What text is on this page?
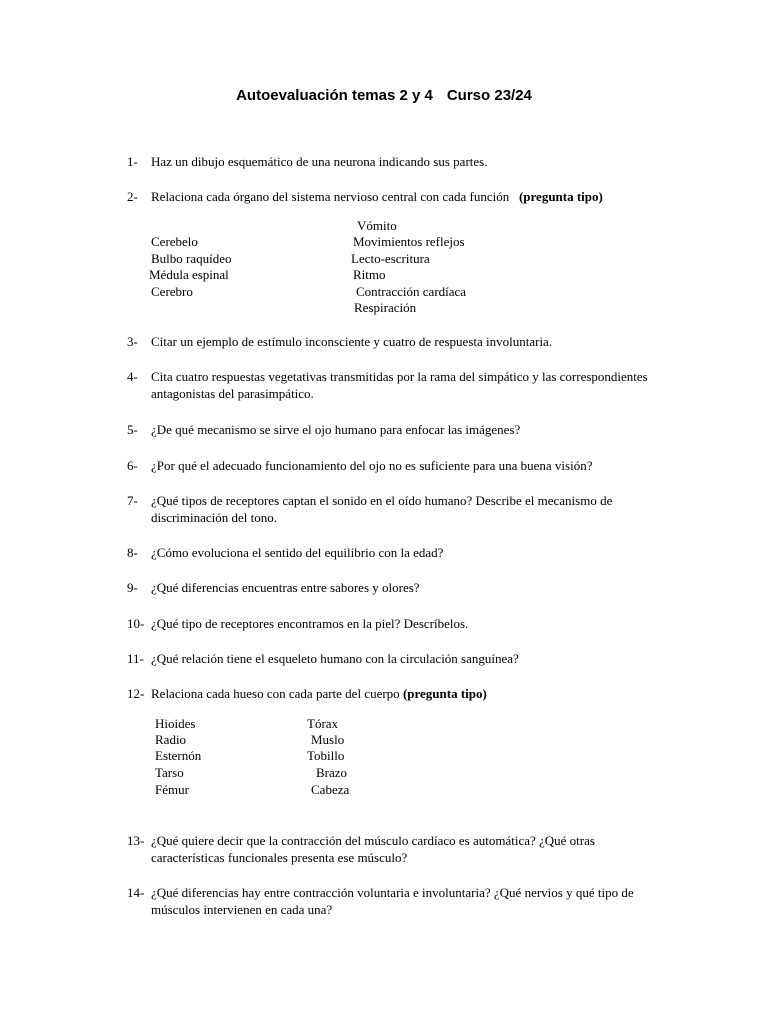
Autoevaluación temas 2 y 4 Curso 23/24
1- Haz un dibujo esquemático de una neurona indicando sus partes.
2- Relaciona cada órgano del sistema nervioso central con cada función (pregunta tipo)
Cerebelo
Bulbo raquídeo
Médula espinal
Cerebro
Vómito
Movimientos reflejos
Lecto-escritura
Ritmo
Contracción cardíaca
Respiración
3- Citar un ejemplo de estímulo inconsciente y cuatro de respuesta involuntaria.
4- Cita cuatro respuestas vegetativas transmitidas por la rama del simpático y las correspondientes antagonistas del parasimpático.
5- ¿De qué mecanismo se sirve el ojo humano para enfocar las imágenes?
6- ¿Por qué el adecuado funcionamiento del ojo no es suficiente para una buena visión?
7- ¿Qué tipos de receptores captan el sonido en el oído humano? Describe el mecanismo de discriminación del tono.
8- ¿Cómo evoluciona el sentido del equilibrio con la edad?
9- ¿Qué diferencias encuentras entre sabores y olores?
10- ¿Qué tipo de receptores encontramos en la piel? Descríbelos.
11- ¿Qué relación tiene el esqueleto humano con la circulación sanguínea?
12- Relaciona cada hueso con cada parte del cuerpo (pregunta tipo)
Hioides
Radio
Esternón
Tarso
Fémur
Tórax
Muslo
Tobillo
Brazo
Cabeza
13- ¿Qué quiere decir que la contracción del músculo cardíaco es automática? ¿Qué otras características funcionales presenta ese músculo?
14- ¿Qué diferencias hay entre contracción voluntaria e involuntaria? ¿Qué nervios y qué tipo de músculos intervienen en cada una?
